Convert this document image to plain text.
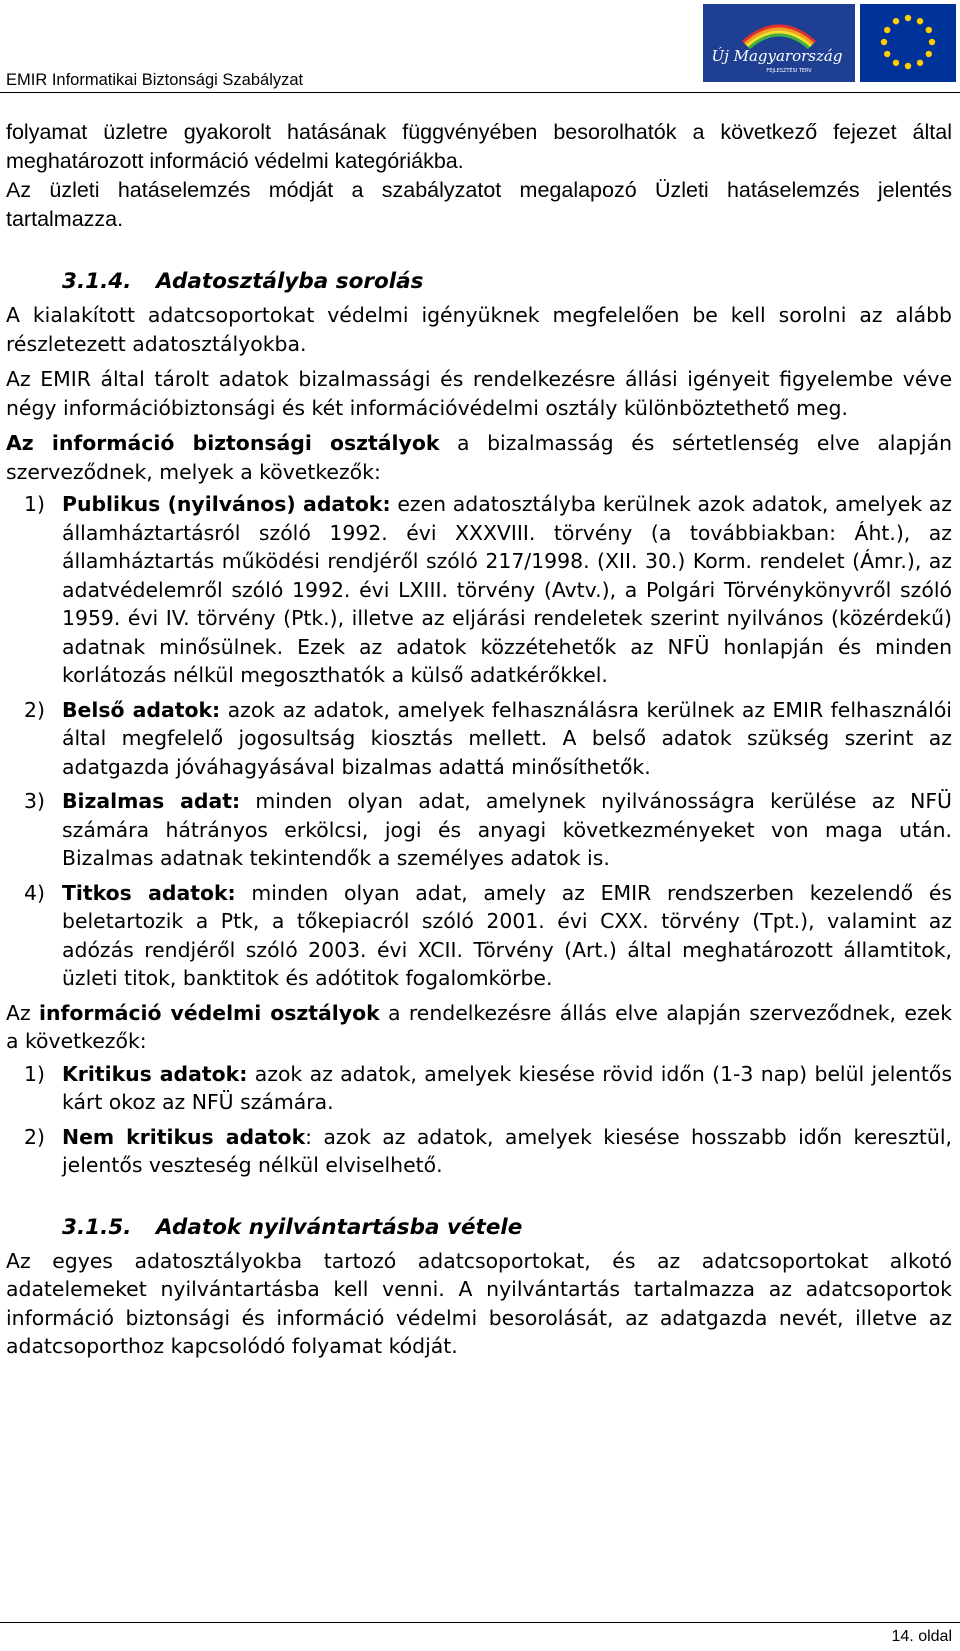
EMIR Informatikai Biztonsági Szabályzat

Új Magyarország
FEJLESZTÉSI TERV

folyamat üzletre gyakorolt hatásának függvényében besorolhatók a következő fejezet által meghatározott információ védelmi kategóriákba.

Az üzleti hatáselemzés módját a szabályzatot megalapozó Üzleti hatáselemzés jelentés tartalmazza.

3.1.4. Adatosztályba sorolás

A kialakított adatcsoportokat védelmi igényüknek megfelelően be kell sorolni az alább részletezett adatosztályokba.

Az EMIR által tárolt adatok bizalmassági és rendelkezésre állási igényeit figyelembe véve négy információbiztonsági és két információvédelmi osztály különböztethető meg.

Az információ biztonsági osztályok a bizalmasság és sértetlenség elve alapján szerveződnek, melyek a következők:

1) Publikus (nyilvános) adatok: ezen adatosztályba kerülnek azok adatok, amelyek az államháztartásról szóló 1992. évi XXXVIII. törvény (a továbbiakban: Áht.), az államháztartás működési rendjéről szóló 217/1998. (XII. 30.) Korm. rendelet (Ámr.), az adatvédelemről szóló 1992. évi LXIII. törvény (Avtv.), a Polgári Törvénykönyvről szóló 1959. évi IV. törvény (Ptk.), illetve az eljárási rendeletek szerint nyilvános (közérdekű) adatnak minősülnek. Ezek az adatok közzétehetők az NFÜ honlapján és minden korlátozás nélkül megoszthatók a külső adatkérőkkel.

2) Belső adatok: azok az adatok, amelyek felhasználásra kerülnek az EMIR felhasználói által megfelelő jogosultság kiosztás mellett. A belső adatok szükség szerint az adatgazda jóváhagyásával bizalmas adattá minősíthetők.

3) Bizalmas adat: minden olyan adat, amelynek nyilvánosságra kerülése az NFÜ számára hátrányos erkölcsi, jogi és anyagi következményeket von maga után. Bizalmas adatnak tekintendők a személyes adatok is.

4) Titkos adatok: minden olyan adat, amely az EMIR rendszerben kezelendő és beletartozik a Ptk, a tőkepiacról szóló 2001. évi CXX. törvény (Tpt.), valamint az adózás rendjéről szóló 2003. évi XCII. Törvény (Art.) által meghatározott államtitok, üzleti titok, banktitok és adótitok fogalomkörbe.

Az információ védelmi osztályok a rendelkezésre állás elve alapján szerveződnek, ezek a következők:

1) Kritikus adatok: azok az adatok, amelyek kiesése rövid időn (1-3 nap) belül jelentős kárt okoz az NFÜ számára.

2) Nem kritikus adatok: azok az adatok, amelyek kiesése hosszabb időn keresztül, jelentős veszteség nélkül elviselhető.

3.1.5. Adatok nyilvántartásba vétele

Az egyes adatosztályokba tartozó adatcsoportokat, és az adatcsoportokat alkotó adatelemeket nyilvántartásba kell venni. A nyilvántartás tartalmazza az adatcsoportok információ biztonsági és információ védelmi besorolását, az adatgazda nevét, illetve az adatcsoporthoz kapcsolódó folyamat kódját.

14. oldal
